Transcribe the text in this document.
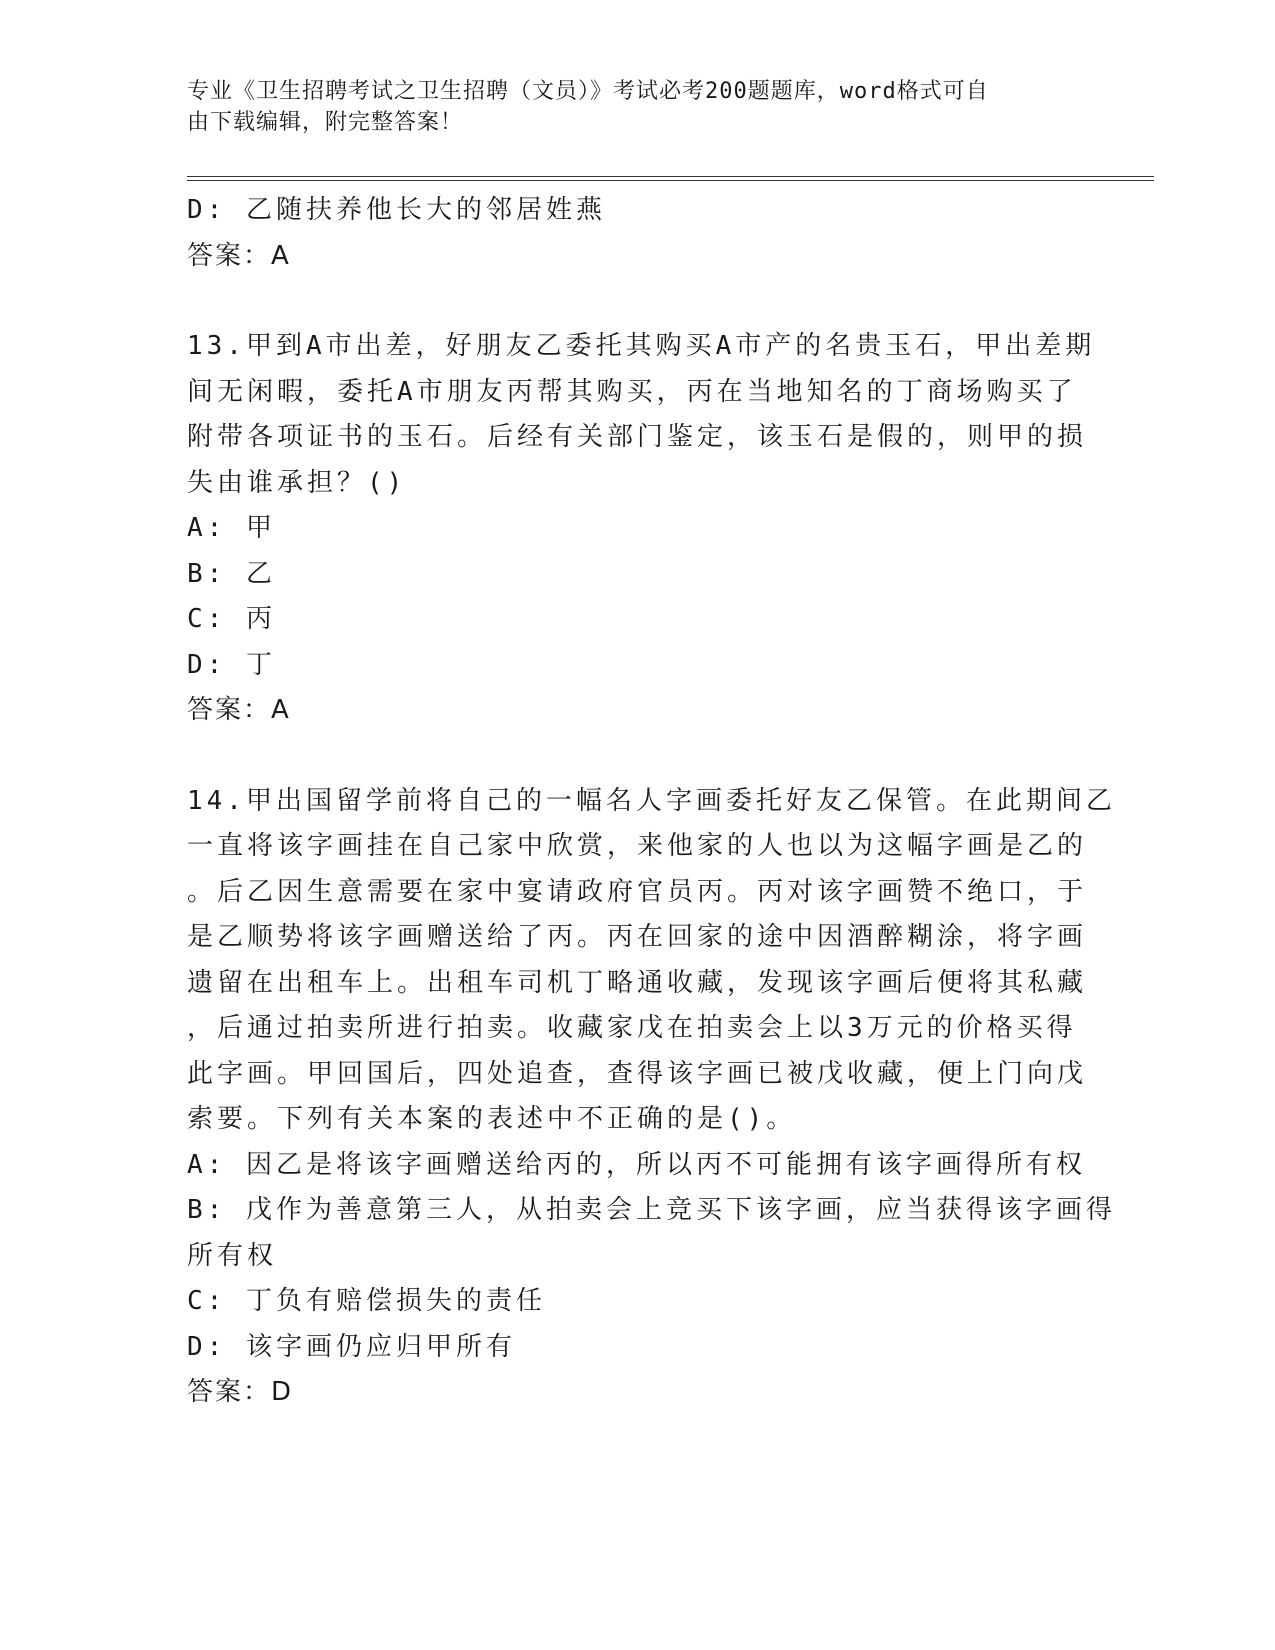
专业《卫生招聘考试之卫生招聘（文员）》考试必考200题题库，word格式可自
由下载编辑，附完整答案！
D: 乙随扶养他长大的邻居姓燕
答案：A
13.甲到A市出差，好朋友乙委托其购买A市产的名贵玉石，甲出差期
间无闲暇，委托A市朋友丙帮其购买，丙在当地知名的丁商场购买了
附带各项证书的玉石。后经有关部门鉴定，该玉石是假的，则甲的损
失由谁承担？()
A: 甲
B: 乙
C: 丙
D: 丁
答案：A
14.甲出国留学前将自己的一幅名人字画委托好友乙保管。在此期间乙
一直将该字画挂在自己家中欣赏，来他家的人也以为这幅字画是乙的
。后乙因生意需要在家中宴请政府官员丙。丙对该字画赞不绝口，于
是乙顺势将该字画赠送给了丙。丙在回家的途中因酒醉糊涂，将字画
遗留在出租车上。出租车司机丁略通收藏，发现该字画后便将其私藏
，后通过拍卖所进行拍卖。收藏家戊在拍卖会上以3万元的价格买得
此字画。甲回国后，四处追查，查得该字画已被戊收藏，便上门向戊
索要。下列有关本案的表述中不正确的是()。
A: 因乙是将该字画赠送给丙的，所以丙不可能拥有该字画得所有权
B: 戊作为善意第三人，从拍卖会上竞买下该字画，应当获得该字画得
所有权
C: 丁负有赔偿损失的责任
D: 该字画仍应归甲所有
答案：D
